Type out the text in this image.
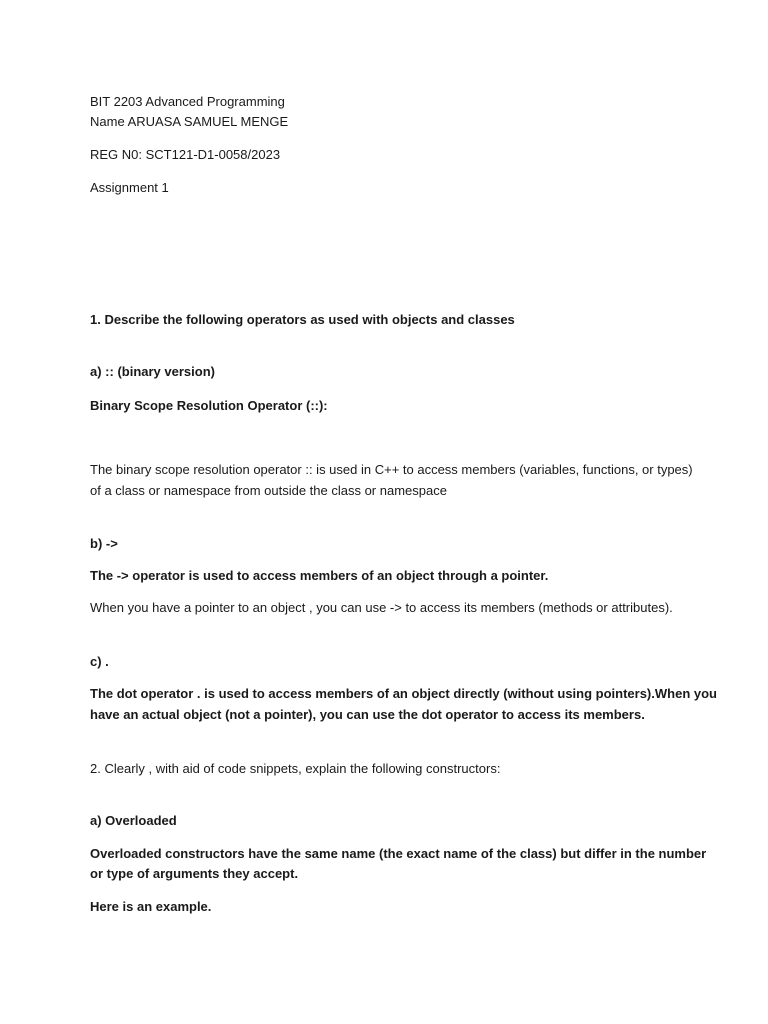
BIT 2203 Advanced Programming

Name ARUASA SAMUEL MENGE

REG N0: SCT121-D1-0058/2023

Assignment 1

1. Describe the following operators as used with objects and classes

a) :: (binary version)

Binary Scope Resolution Operator (::):

The binary scope resolution operator :: is used in C++ to access members (variables, functions, or types)

of a class or namespace from outside the class or namespace

b) ->

The -> operator is used to access members of an object through a pointer.

When you have a pointer to an object , you can use -> to access its members (methods or attributes).

c) .

The dot operator . is used to access members of an object directly (without using pointers).When you

have an actual object (not a pointer), you can use the dot operator to access its members.

2. Clearly , with aid of code snippets, explain the following constructors:

a) Overloaded

Overloaded constructors have the same name (the exact name of the class) but differ in the number

or type of arguments they accept.

Here is an example.
